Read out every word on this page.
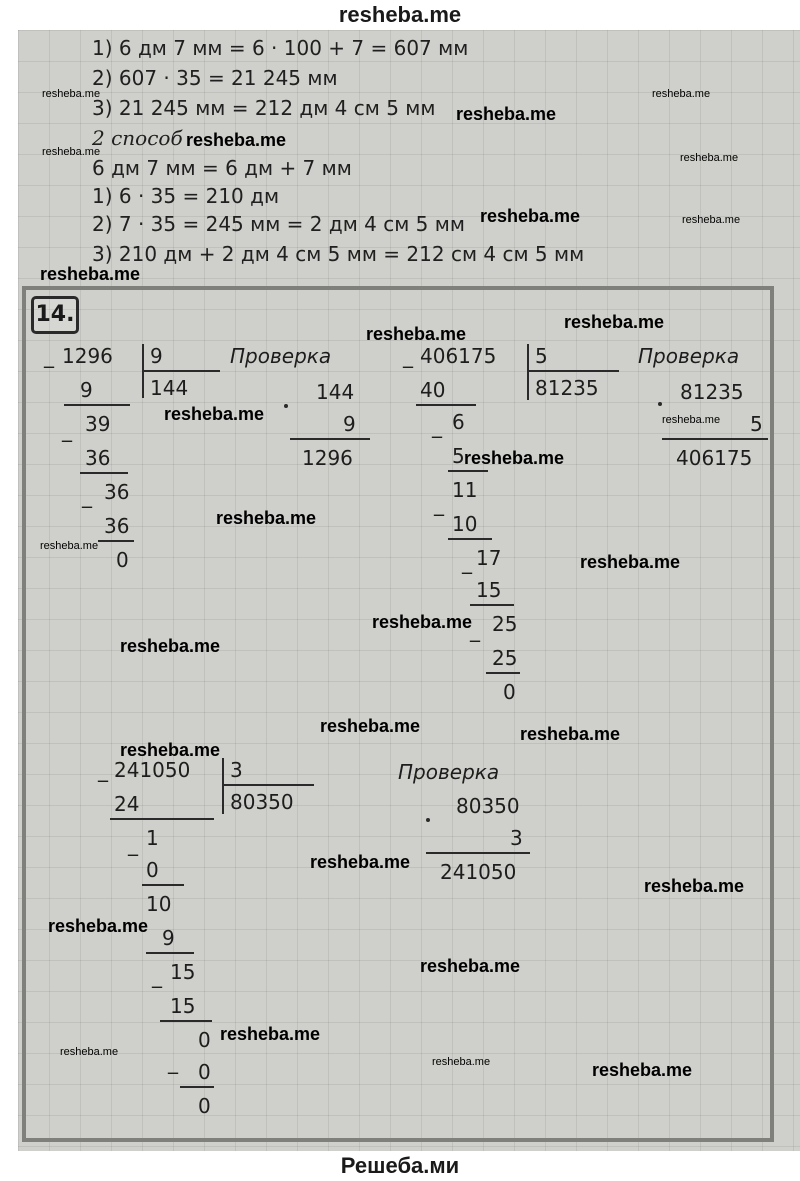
resheba.me
1) 6 дм 7 мм = 6 · 100 + 7 = 607 мм
2) 607 · 35 = 21 245 мм
3) 21 245 мм = 212 дм 4 см 5 мм
2 способ
6 дм 7 мм = 6 дм + 7 мм
1) 6 · 35 = 210 дм
2) 7 · 35 = 245 мм = 2 дм 4 см 5 мм
3) 210 дм + 2 дм 4 см 5 мм = 212 см 4 см 5 мм
14.
_ 1296 9
144
9
_ 39
36
_ 36
36
0
Проверка
144
9
1296
_ 406175 5
81235
40
_ 6
5
_
11
10
_ 17
15
_ 25
25
0
Проверка
81235
5
406175
_ 241050 3
80350
24
_ 1
0
10
9
_ 15
15
0
_ 0
0
Проверка
80350
3
241050
resheba.me
resheba.me
resheba.me
resheba.me
resheba.me
resheba.me
resheba.me	resheba.me
resheba.me
resheba.me
resheba.me
resheba.me	resheba.me
resheba.me
resheba.me
resheba.me
resheba.me
resheba.me
resheba.me
resheba.me	resheba.me
resheba.me
resheba.me
resheba.me
resheba.me
resheba.me
resheba.me
resheba.me
resheba.me	resheba.me
Решеба.ми
